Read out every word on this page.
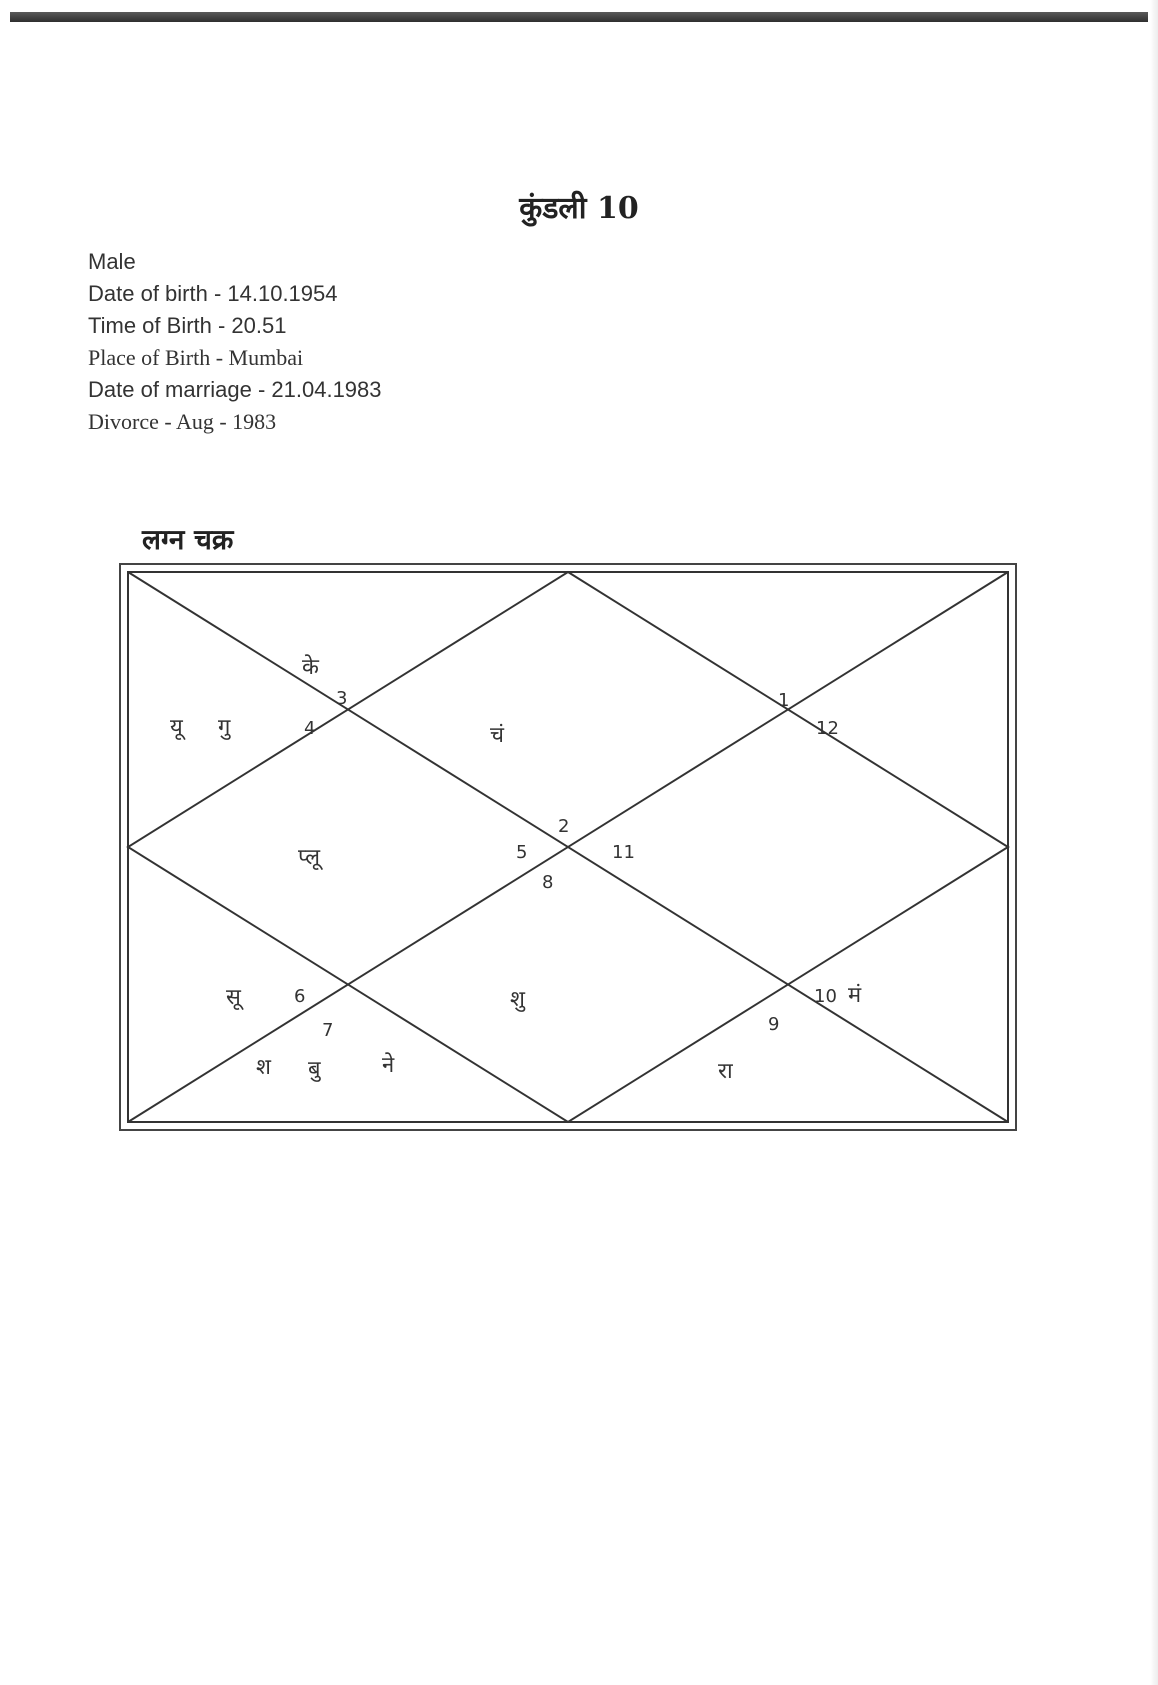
कुंडली 10
Male
Date of birth - 14.10.1954
Time of Birth - 20.51
Place of Birth - Mumbai
Date of marriage - 21.04.1983
Divorce - Aug - 1983
लग्न चक्र
1
2
3
4
5
6
7
8
9
10
11
12
के
यू गु	चं
प्लू
सू	शु
श बु	ने
मं
रा
